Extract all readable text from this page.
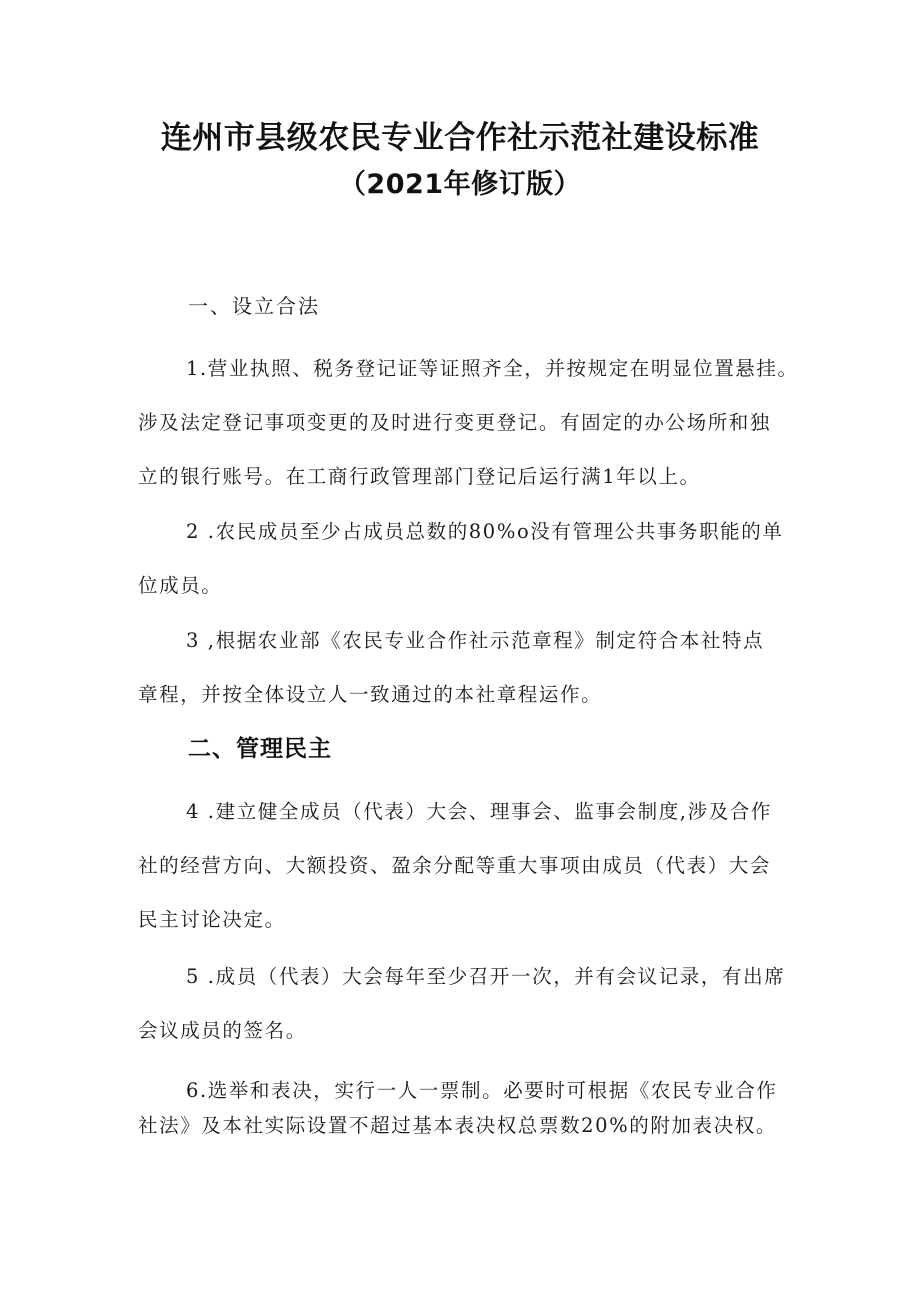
连州市县级农民专业合作社示范社建设标准
（2021年修订版）
一、设立合法
1.营业执照、税务登记证等证照齐全，并按规定在明显位置悬挂。
涉及法定登记事项变更的及时进行变更登记。有固定的办公场所和独
立的银行账号。在工商行政管理部门登记后运行满1年以上。
2 .农民成员至少占成员总数的80%o没有管理公共事务职能的单
位成员。
3 ,根据农业部《农民专业合作社示范章程》制定符合本社特点
章程，并按全体设立人一致通过的本社章程运作。
二、管理民主
4 .建立健全成员（代表）大会、理事会、监事会制度,涉及合作
社的经营方向、大额投资、盈余分配等重大事项由成员（代表）大会
民主讨论决定。
5 .成员（代表）大会每年至少召开一次，并有会议记录，有出席
会议成员的签名。
6.选举和表决，实行一人一票制。必要时可根据《农民专业合作
社法》及本社实际设置不超过基本表决权总票数20%的附加表决权。
